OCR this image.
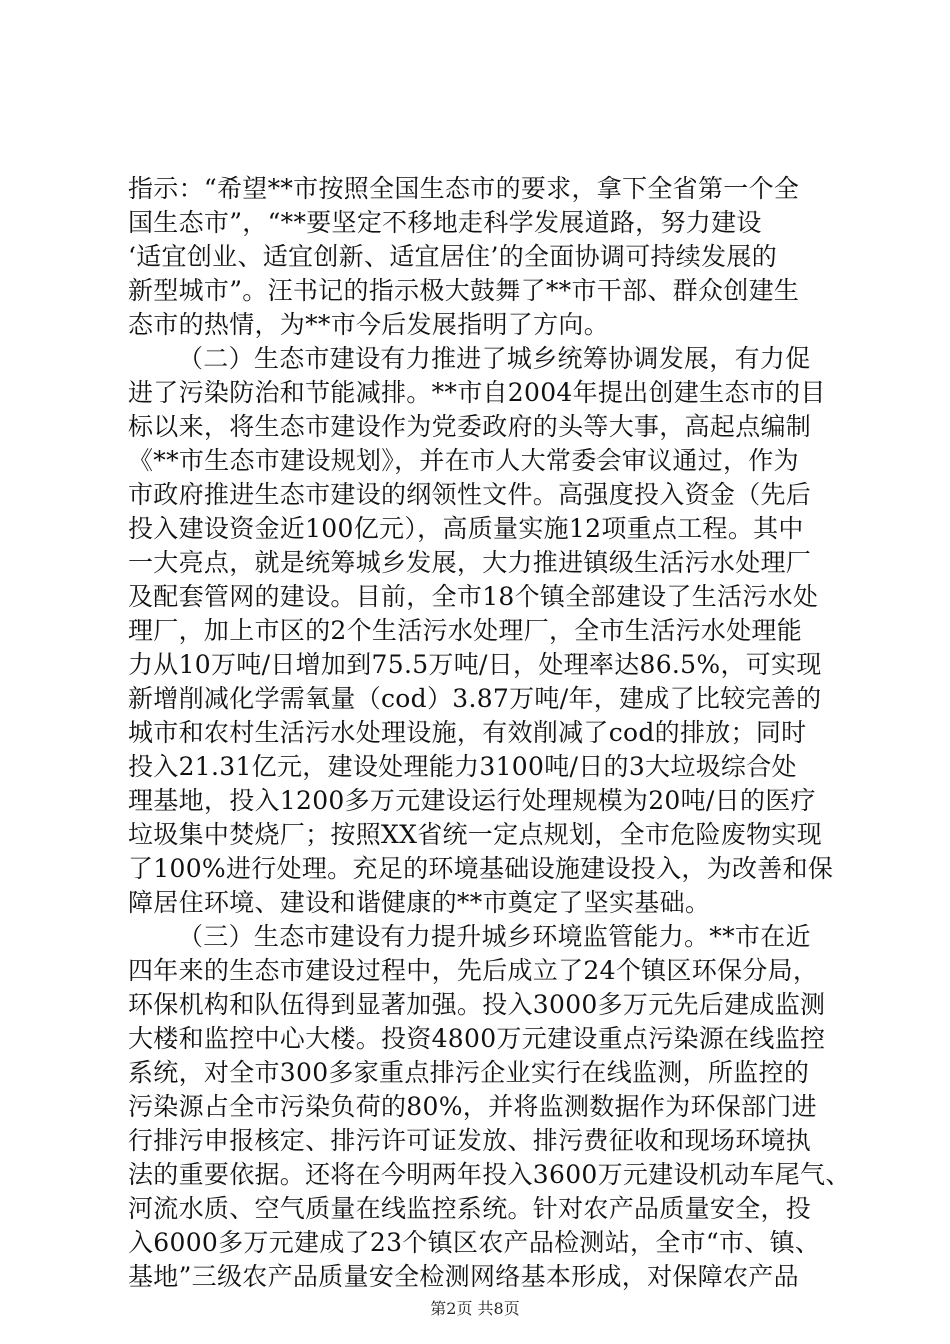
指示：“希望**市按照全国生态市的要求，拿下全省第一个全
国生态市”，“**要坚定不移地走科学发展道路，努力建设
‘适宜创业、适宜创新、适宜居住’的全面协调可持续发展的
新型城市”。汪书记的指示极大鼓舞了**市干部、群众创建生
态市的热情，为**市今后发展指明了方向。
（二）生态市建设有力推进了城乡统筹协调发展，有力促
进了污染防治和节能减排。**市自2004年提出创建生态市的目
标以来，将生态市建设作为党委政府的头等大事，高起点编制
《**市生态市建设规划》，并在市人大常委会审议通过，作为
市政府推进生态市建设的纲领性文件。高强度投入资金（先后
投入建设资金近100亿元），高质量实施12项重点工程。其中
一大亮点，就是统筹城乡发展，大力推进镇级生活污水处理厂
及配套管网的建设。目前，全市18个镇全部建设了生活污水处
理厂，加上市区的2个生活污水处理厂，全市生活污水处理能
力从10万吨/日增加到75.5万吨/日，处理率达86.5%，可实现
新增削减化学需氧量（cod）3.87万吨/年，建成了比较完善的
城市和农村生活污水处理设施，有效削减了cod的排放；同时
投入21.31亿元，建设处理能力3100吨/日的3大垃圾综合处
理基地，投入1200多万元建设运行处理规模为20吨/日的医疗
垃圾集中焚烧厂；按照XX省统一定点规划，全市危险废物实现
了100%进行处理。充足的环境基础设施建设投入，为改善和保
障居住环境、建设和谐健康的**市奠定了坚实基础。
（三）生态市建设有力提升城乡环境监管能力。**市在近
四年来的生态市建设过程中，先后成立了24个镇区环保分局，
环保机构和队伍得到显著加强。投入3000多万元先后建成监测
大楼和监控中心大楼。投资4800万元建设重点污染源在线监控
系统，对全市300多家重点排污企业实行在线监测，所监控的
污染源占全市污染负荷的80%，并将监测数据作为环保部门进
行排污申报核定、排污许可证发放、排污费征收和现场环境执
法的重要依据。还将在今明两年投入3600万元建设机动车尾气、
河流水质、空气质量在线监控系统。针对农产品质量安全，投
入6000多万元建成了23个镇区农产品检测站，全市“市、镇、
基地”三级农产品质量安全检测网络基本形成，对保障农产品
第2页 共8页
